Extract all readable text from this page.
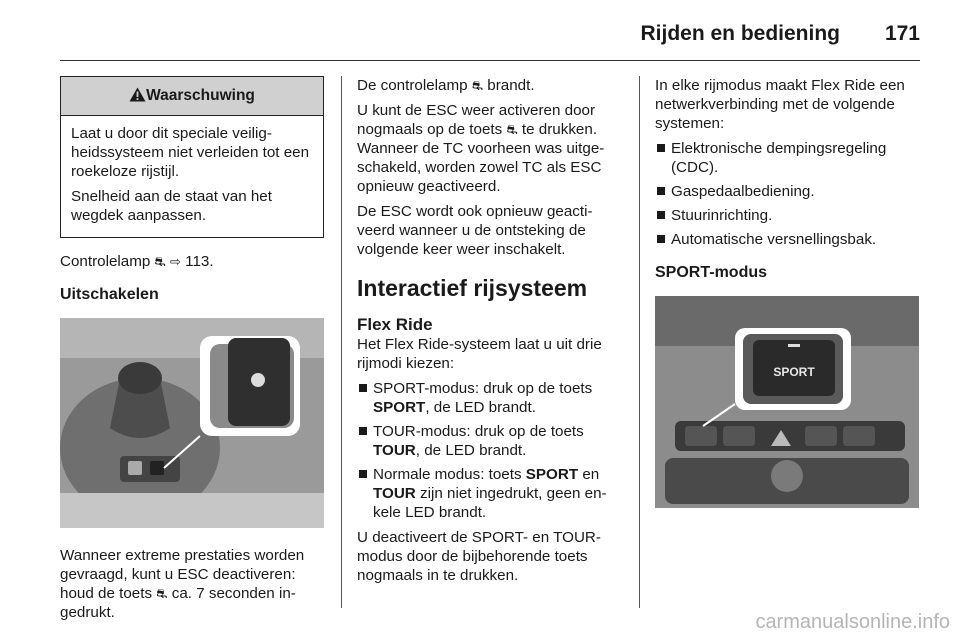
Rijden en bediening 171
Waarschuwing

Laat u door dit speciale veilig-heidssysteem niet verleiden tot een roekeloze rijstijl.

Snelheid aan de staat van het wegdek aanpassen.

Controlelamp ⛐ ⇨ 113.

Uitschakelen

Wanneer extreme prestaties worden gevraagd, kunt u ESC deactiveren: houd de toets ⛐ ca. 7 seconden in-gedrukt.

De controlelamp ⛐ brandt.

U kunt de ESC weer activeren door nogmaals op de toets ⛐ te drukken. Wanneer de TC voorheen was uitge-schakeld, worden zowel TC als ESC opnieuw geactiveerd.

De ESC wordt ook opnieuw geacti-veerd wanneer u de ontsteking de volgende keer weer inschakelt.

Interactief rijsysteem
Flex Ride

Het Flex Ride-systeem laat u uit drie rijmodi kiezen:

SPORT-modus: druk op de toets SPORT, de LED brandt.
TOUR-modus: druk op de toets TOUR, de LED brandt.
Normale modus: toets SPORT en TOUR zijn niet ingedrukt, geen en-kele LED brandt.

U deactiveert de SPORT- en TOUR-modus door de bijbehorende toets nogmaals in te drukken.

In elke rijmodus maakt Flex Ride een netwerkverbinding met de volgende systemen:

Elektronische dempingsregeling (CDC).
Gaspedaalbediening.
Stuurinrichting.
Automatische versnellingsbak.
SPORT-modus
SPORT
carmanualsonline.info
